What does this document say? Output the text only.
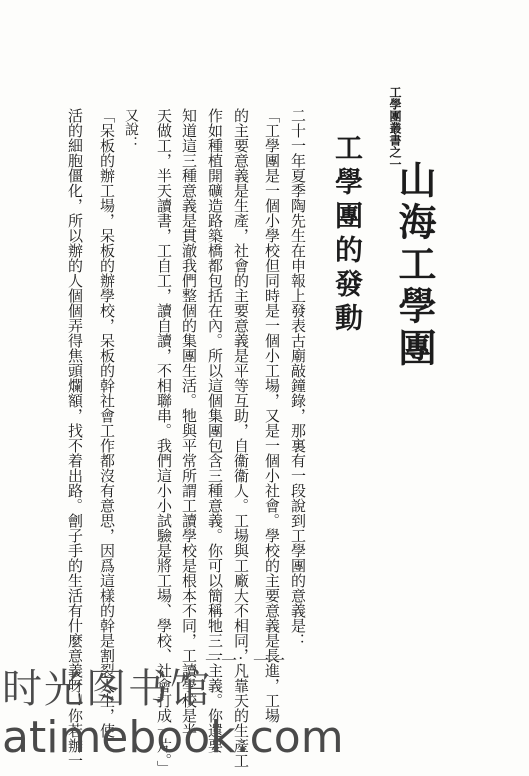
工學團叢書之一
山海工學團
工學團的發動
二十一年夏季陶先生在申報上發表古廟敲鐘錄，那裏有一段說到工學團的意義是：
「工學團是一個小學校但同時是一個小工場，又是一個小社會。學校的主要意義是長進，工場
的主要意義是生產，社會的主要意義是平等互助，自衞衞人。工場與工廠大不相同，凡靠天的生產工
作如種植開礦造路築橋都包括在內。所以這個集團包含三種意義。你可以簡稱牠三一主義。你還要
知道這三種意義是貫澈我們整個的集團生活。牠與平常所謂工讀學校是根本不同，工讀學校是半
天做工，半天讀書，工自工，讀自讀，不相聯串。我們這小小試驗是將工場、學校、社會打成一片。」
又說：
「呆板的辦工場，呆板的辦學校，呆板的幹社會工作都沒有意思，因爲這樣的幹是割裂人生，使
活的細胞僵化，所以辦的人個個弄得焦頭爛額，找不着出路。劊子手的生活有什麼意義呀！你若辦一	一一：一一
时光图书馆
atimebook.com
